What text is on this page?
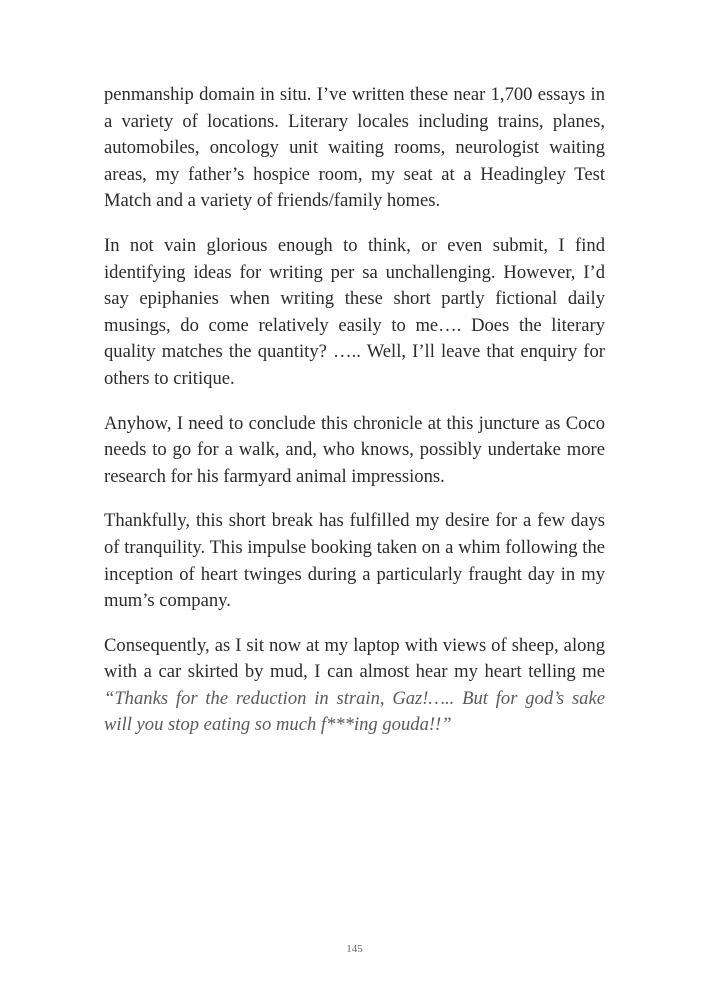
penmanship domain in situ. I’ve written these near 1,700 essays in a variety of locations. Literary locales including trains, planes, automobiles, oncology unit waiting rooms, neurologist waiting areas, my father’s hospice room, my seat at a Headingley Test Match and a variety of friends/family homes.

In not vain glorious enough to think, or even submit, I find identifying ideas for writing per sa unchallenging. However, I’d say epiphanies when writing these short partly fictional daily musings, do come relatively easily to me…. Does the literary quality matches the quantity? ….. Well, I’ll leave that enquiry for others to critique.

Anyhow, I need to conclude this chronicle at this juncture as Coco needs to go for a walk, and, who knows, possibly undertake more research for his farmyard animal impressions.

Thankfully, this short break has fulfilled my desire for a few days of tranquility. This impulse booking taken on a whim following the inception of heart twinges during a particularly fraught day in my mum’s company.

Consequently, as I sit now at my laptop with views of sheep, along with a car skirted by mud, I can almost hear my heart telling me “Thanks for the reduction in strain, Gaz!….. But for god’s sake will you stop eating so much f***ing gouda!!”

145
